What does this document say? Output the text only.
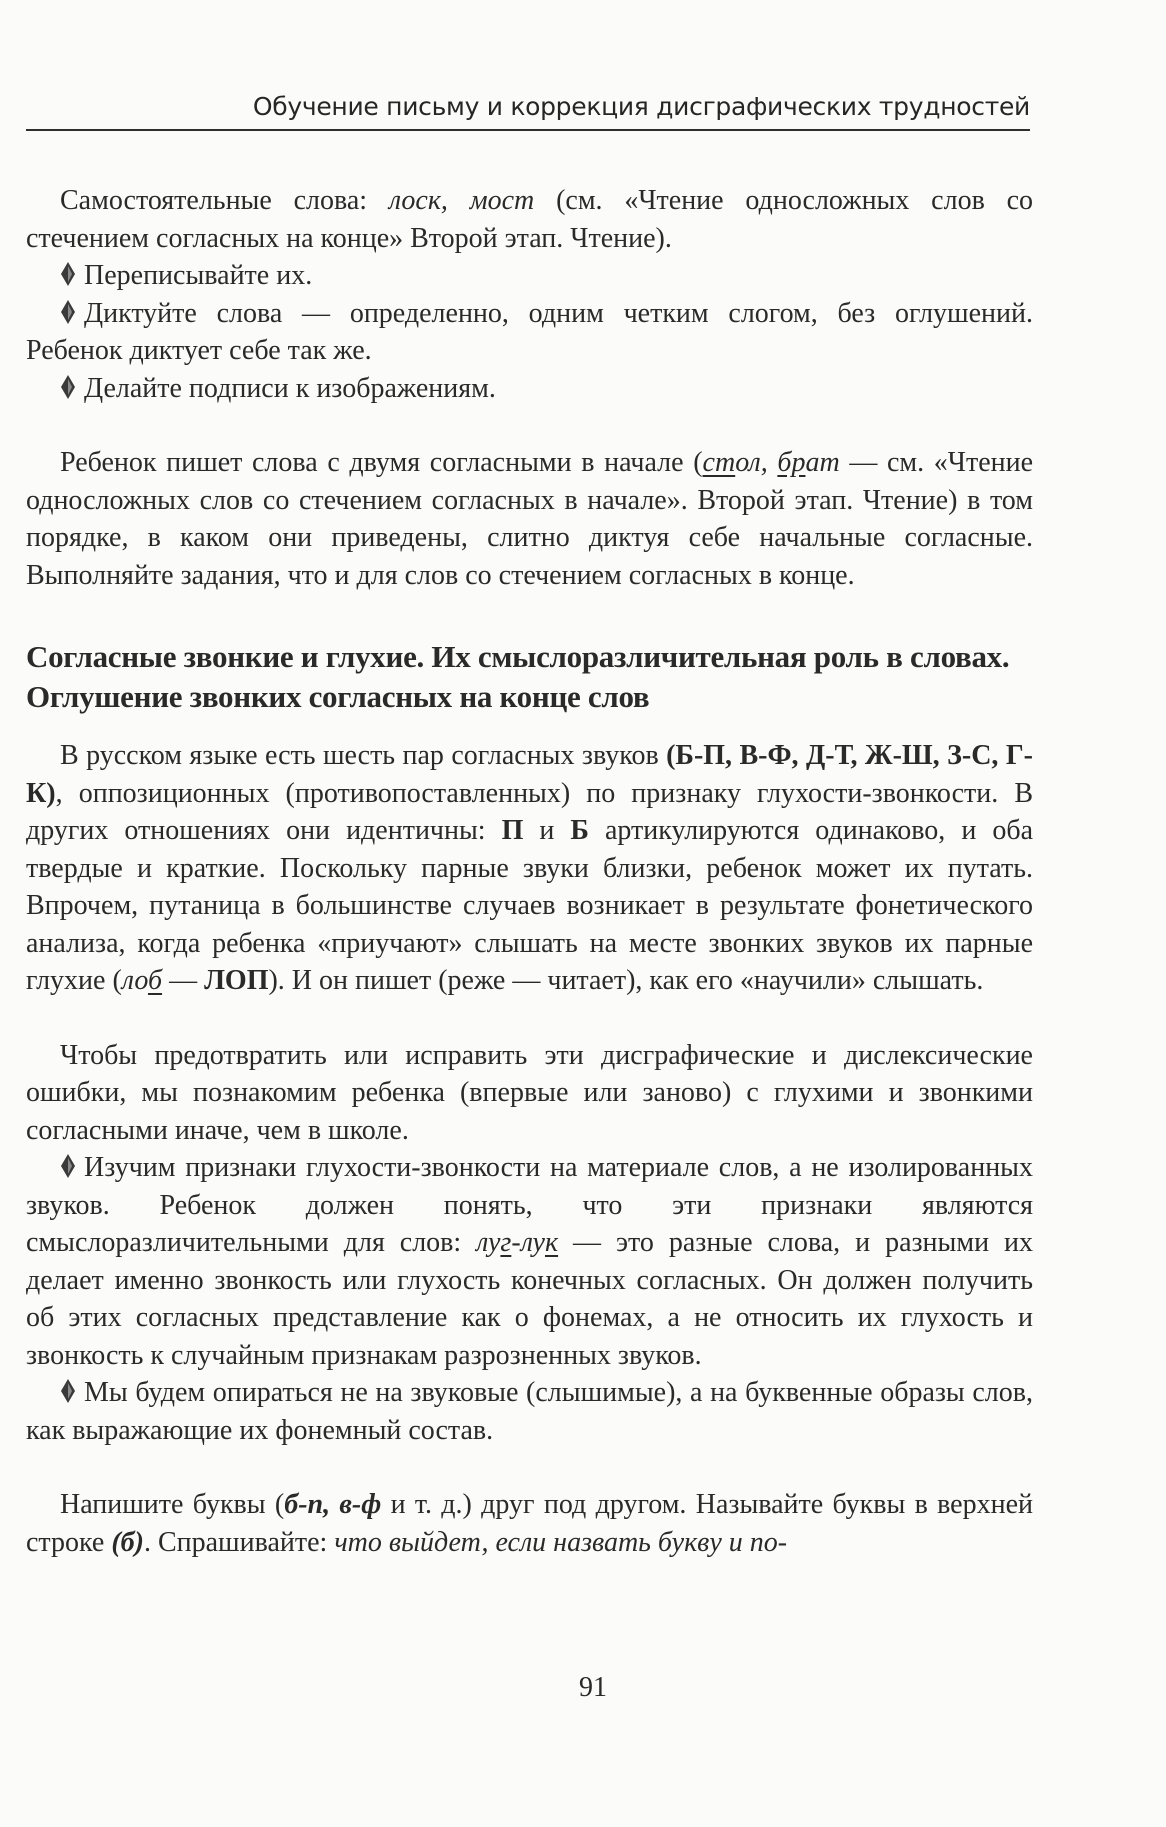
Обучение письму и коррекция дисграфических трудностей

Самостоятельные слова: лоск, мост (см. «Чтение односложных слов со стечением согласных на конце» Второй этап. Чтение).

Переписывайте их.

Диктуйте слова — определенно, одним четким слогом, без оглушений. Ребенок диктует себе так же.

Делайте подписи к изображениям.

Ребенок пишет слова с двумя согласными в начале (стол, брат — см. «Чтение односложных слов со стечением согласных в начале». Второй этап. Чтение) в том порядке, в каком они приведены, слитно диктуя себе начальные согласные. Выполняйте задания, что и для слов со стечением согласных в конце.

Согласные звонкие и глухие. Их смыслоразличительная роль в словах. Оглушение звонких согласных на конце слов

В русском языке есть шесть пар согласных звуков (Б-П, В-Ф, Д-Т, Ж-Ш, З-С, Г-К), оппозиционных (противопоставленных) по признаку глухости-звонкости. В других отношениях они идентичны: П и Б артикулируются одинаково, и оба твердые и краткие. Поскольку парные звуки близки, ребенок может их путать. Впрочем, путаница в большинстве случаев возникает в результате фонетического анализа, когда ребенка «приучают» слышать на месте звонких звуков их парные глухие (лоб — ЛОП). И он пишет (реже — читает), как его «научили» слышать.

Чтобы предотвратить или исправить эти дисграфические и дислексические ошибки, мы познакомим ребенка (впервые или заново) с глухими и звонкими согласными иначе, чем в школе.

Изучим признаки глухости-звонкости на материале слов, а не изолированных звуков. Ребенок должен понять, что эти признаки являются смыслоразличительными для слов: луг-лук — это разные слова, и разными их делает именно звонкость или глухость конечных согласных. Он должен получить об этих согласных представление как о фонемах, а не относить их глухость и звонкость к случайным признакам разрозненных звуков.

Мы будем опираться не на звуковые (слышимые), а на буквенные образы слов, как выражающие их фонемный состав.

Напишите буквы (б-п, в-ф и т. д.) друг под другом. Называйте буквы в верхней строке (б). Спрашивайте: что выйдет, если назвать букву и по-

91
